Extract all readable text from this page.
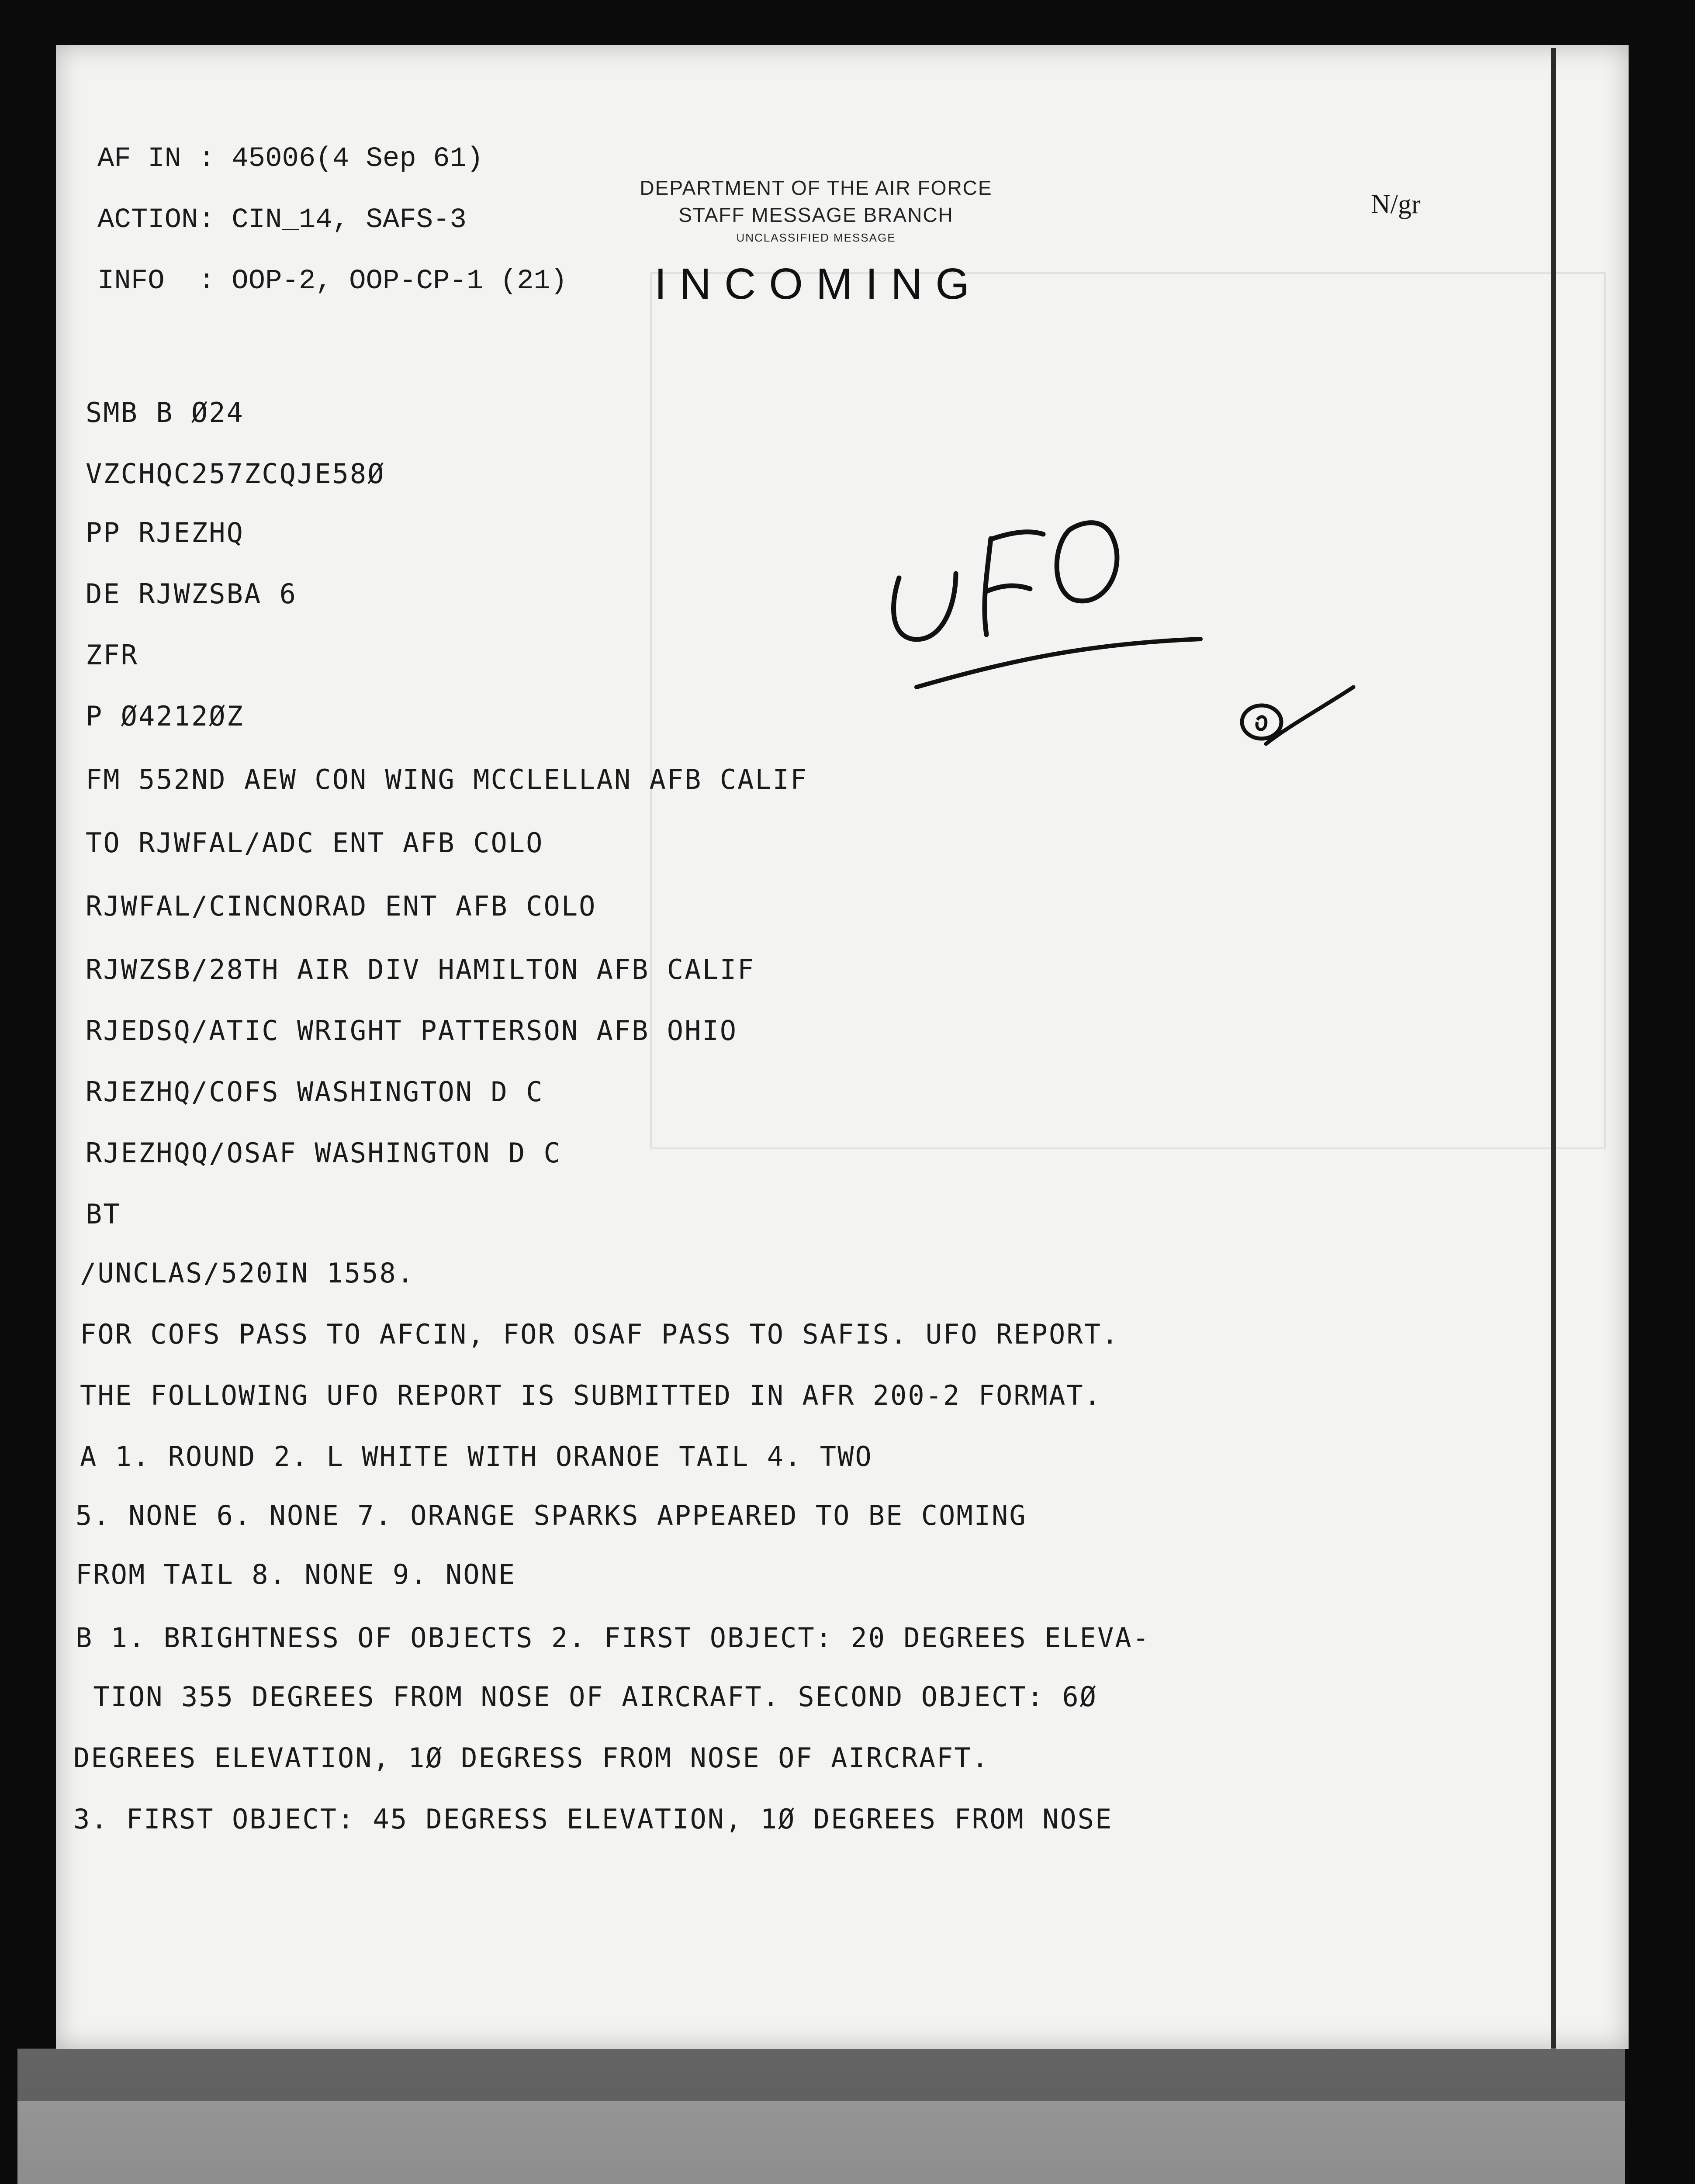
AF IN : 45006(4 Sep 61)
ACTION: CIN_14, SAFS-3
INFO  : OOP-2, OOP-CP-1 (21)
DEPARTMENT OF THE AIR FORCE
STAFF MESSAGE BRANCH
UNCLASSIFIED MESSAGE
INCOMING
N/gr
SMB B Ø24
VZCHQC257ZCQJE58Ø
PP RJEZHQ
DE RJWZSBA 6
ZFR
P Ø4212ØZ
FM 552ND AEW CON WING MCCLELLAN AFB CALIF
TO RJWFAL/ADC ENT AFB COLO
RJWFAL/CINCNORAD ENT AFB COLO
RJWZSB/28TH AIR DIV HAMILTON AFB CALIF
RJEDSQ/ATIC WRIGHT PATTERSON AFB OHIO
RJEZHQ/COFS WASHINGTON D C
RJEZHQQ/OSAF WASHINGTON D C
BT
/UNCLAS/520IN 1558.
FOR COFS PASS TO AFCIN, FOR OSAF PASS TO SAFIS. UFO REPORT.
THE FOLLOWING UFO REPORT IS SUBMITTED IN AFR 200-2 FORMAT.
A 1. ROUND 2. L WHITE WITH ORANOE TAIL 4. TWO
5. NONE 6. NONE 7. ORANGE SPARKS APPEARED TO BE COMING
FROM TAIL 8. NONE 9. NONE
B 1. BRIGHTNESS OF OBJECTS 2. FIRST OBJECT: 20 DEGREES ELEVA-
TION 355 DEGREES FROM NOSE OF AIRCRAFT. SECOND OBJECT: 6Ø
DEGREES ELEVATION, 1Ø DEGRESS FROM NOSE OF AIRCRAFT.
3. FIRST OBJECT: 45 DEGRESS ELEVATION, 1Ø DEGREES FROM NOSE
